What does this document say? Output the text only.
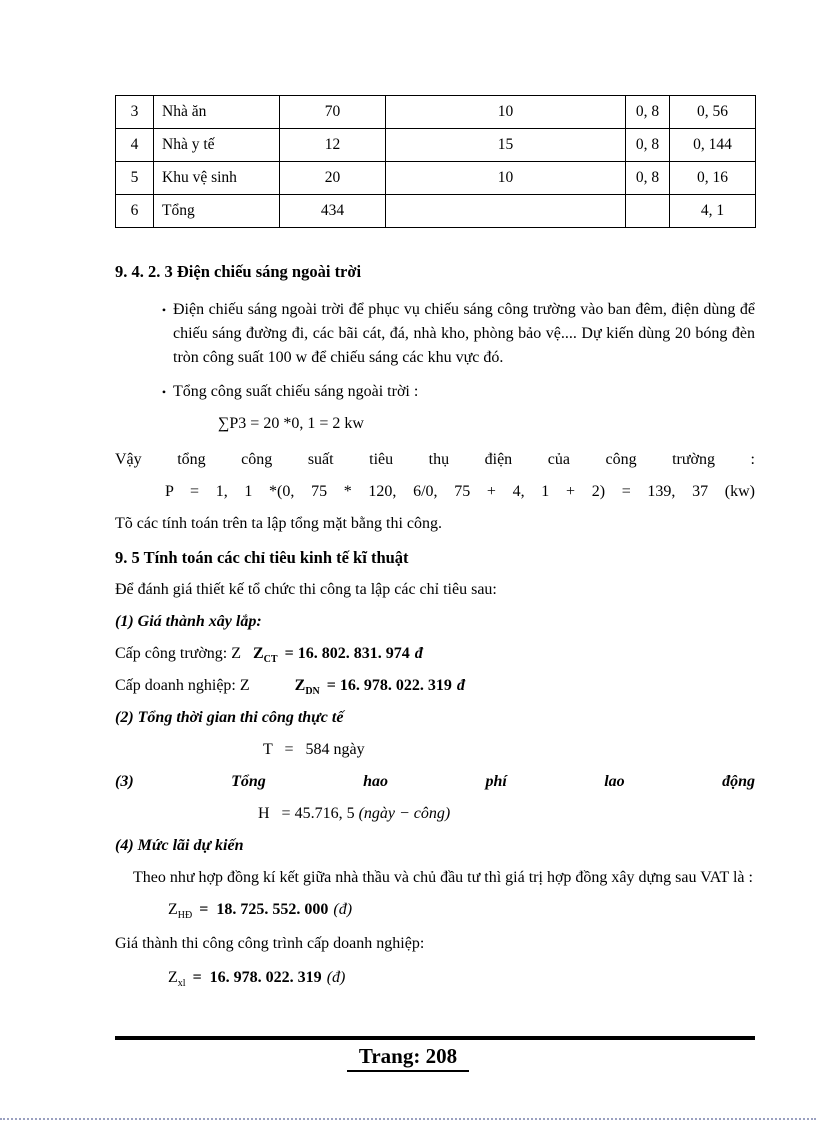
3	Nhà ăn	70	10	0, 8	0, 56
4	Nhà y tế	12	15	0, 8	0, 144
5	Khu vệ sinh	20	10	0, 8	0, 16
6	Tổng	434			4, 1
9. 4. 2. 3 Điện chiếu sáng ngoài trời
• Điện chiếu sáng ngoài trời để phục vụ chiếu sáng công trường vào ban đêm, điện dùng để chiếu sáng đường đi, các bãi cát, đá, nhà kho, phòng bảo vệ.... Dự kiến dùng 20 bóng đèn tròn công suất 100 w để chiếu sáng các khu vực đó.

• Tổng công suất chiếu sáng ngoài trời :

∑P3 = 20 *0, 1 = 2 kw

Vậy tổng công suất tiêu thụ điện của công trường :

P = 1, 1 *(0, 75 * 120, 6/0, 75 + 4, 1 + 2) = 139, 37 (kw)

Tõ các tính toán trên ta lập tổng mặt bằng thi công.

9. 5 Tính toán các chỉ tiêu kinh tế kĩ thuật

Để đánh giá thiết kế tổ chức thi công ta lập các chỉ tiêu sau:

(1) Giá thành xây lắp:

Cấp công trường: Z $Z_{CT} = 16$. 802. 831. 974 đ

Cấp doanh nghiệp: Z	$Z_{DN} = 16$. 978. 022. 319 đ

(2) Tổng thời gian thi công thực tế

T   =   584 ngày

(3) Tổng hao phí lao động

H   = 45.716, 5 (ngày − công)

(4) Mức lãi dự kiến

Theo như hợp đồng kí kết giữa nhà thầu và chủ đầu tư thì giá trị hợp đồng xây dựng sau VAT là :

$Z_{HĐ} = 18$. 725. 552. 000 (đ)

Giá thành thi công công trình cấp doanh nghiệp:

$Z_{xl} = 16$. 978. 022. 319 (đ)

Trang: 208
